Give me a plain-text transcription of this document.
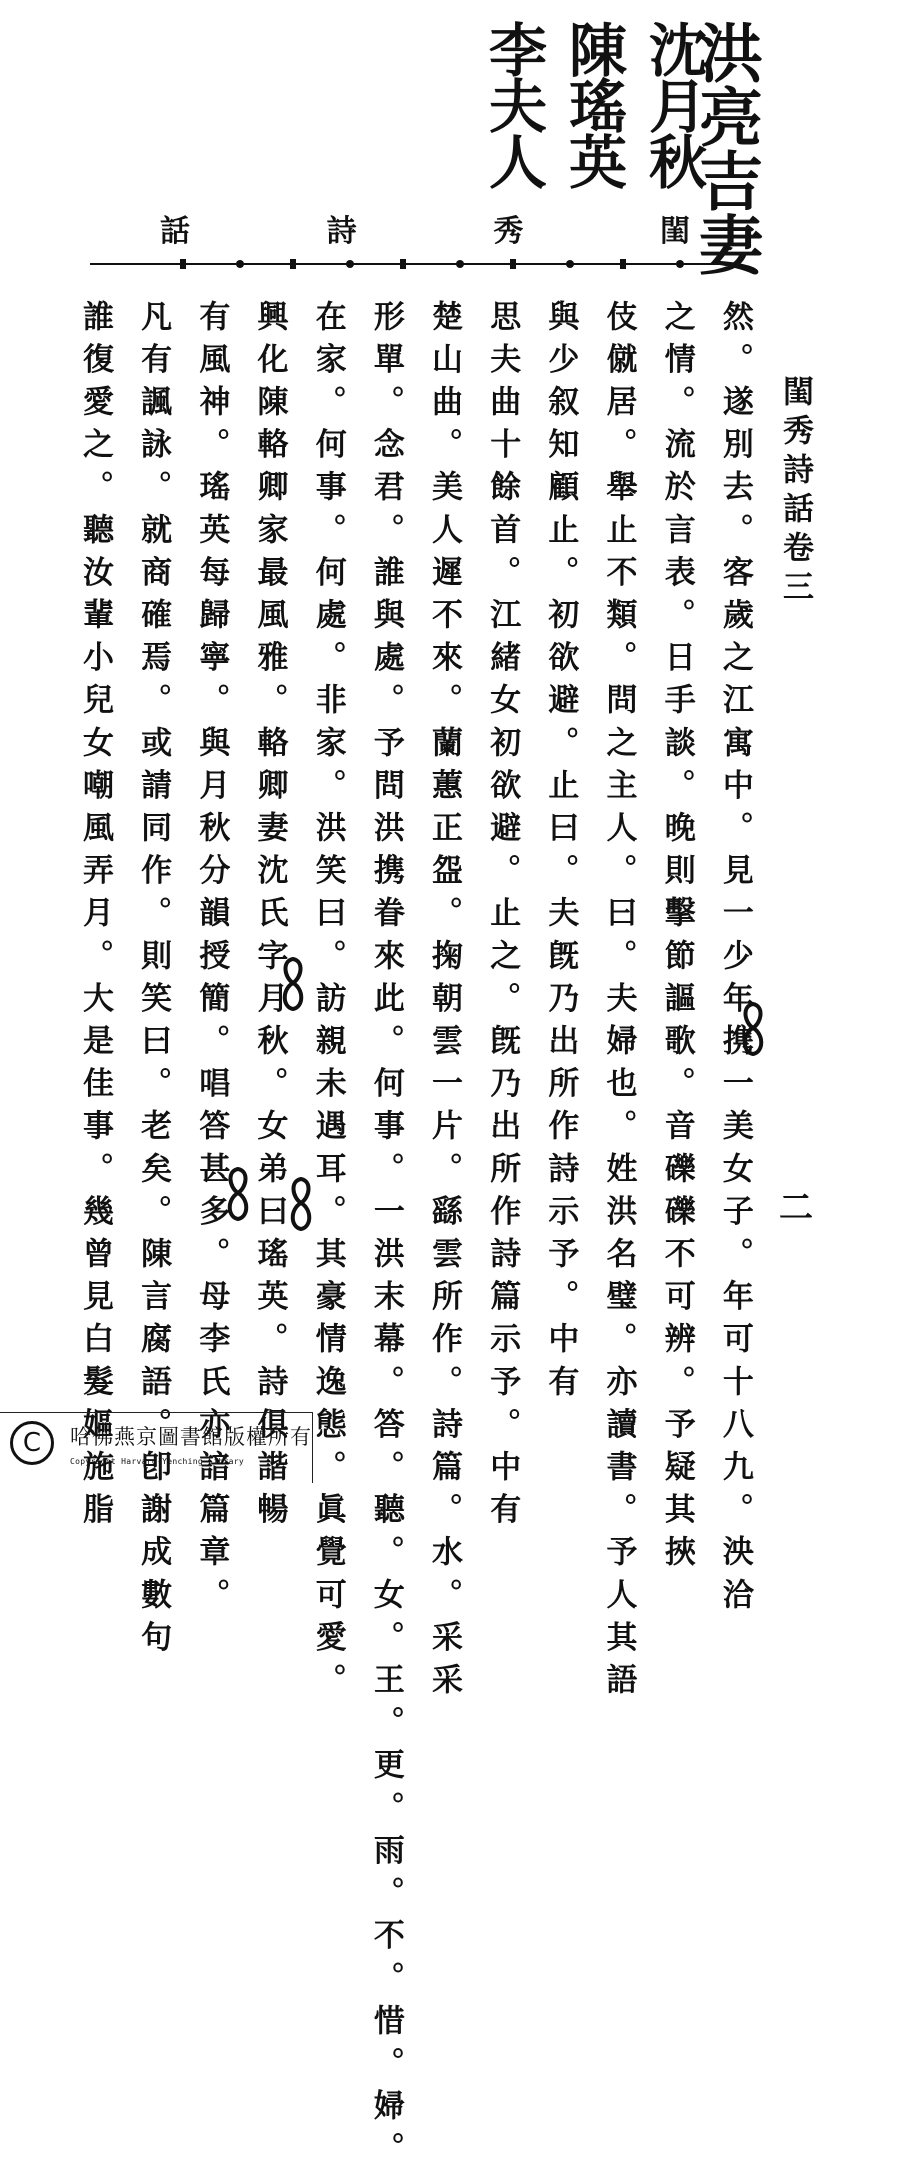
洪亮吉妻
沈月秋
陳瑤英
李夫人
閨
秀
詩
話
閨秀詩話卷三
二
然。遂別去。客歲之江寓中。見一少年携一美女子。年可十八九。泱洽
之情。流於言表。日手談。晚則擊節謳歌。音礫礫不可辨。予疑其挾
伎僦居。舉止不類。問之主人。曰。夫婦也。姓洪名璧。亦讀書。予人其語
與少叙知顧止。初欲避。止曰。夫旣乃出所作詩示予。中有
思夫曲十餘首。江緒女初欲避。止之。旣乃出所作詩篇示予。中有
楚山曲。美人遲不來。蘭蕙正盌。掬朝雲一片。繇雲所作。詩篇。水。采采
形單。念君。誰與處。予問洪携眷來此。何事。一洪末幕。答。聽。女。王。更。雨。不。惜。婦。
在家。何事。何處。非家。洪笑曰。訪親未遇耳。其豪情逸態。眞覺可愛。
興化陳輅卿家最風雅。輅卿妻沈氏字月秋。女弟曰瑤英。詩俱諧暢
有風神。瑤英每歸寧。與月秋分韻授簡。唱答甚多。母李氏亦諳篇章。
凡有諷詠。就商確焉。或請同作。則笑曰。老矣。陳言腐語。卽謝成數句
誰復愛之。聽汝輩小兒女嘲風弄月。大是佳事。幾曾見白髮嫗施脂
C	哈佛燕京圖書館版權所有
Copyright Harvard-Yenching Library
